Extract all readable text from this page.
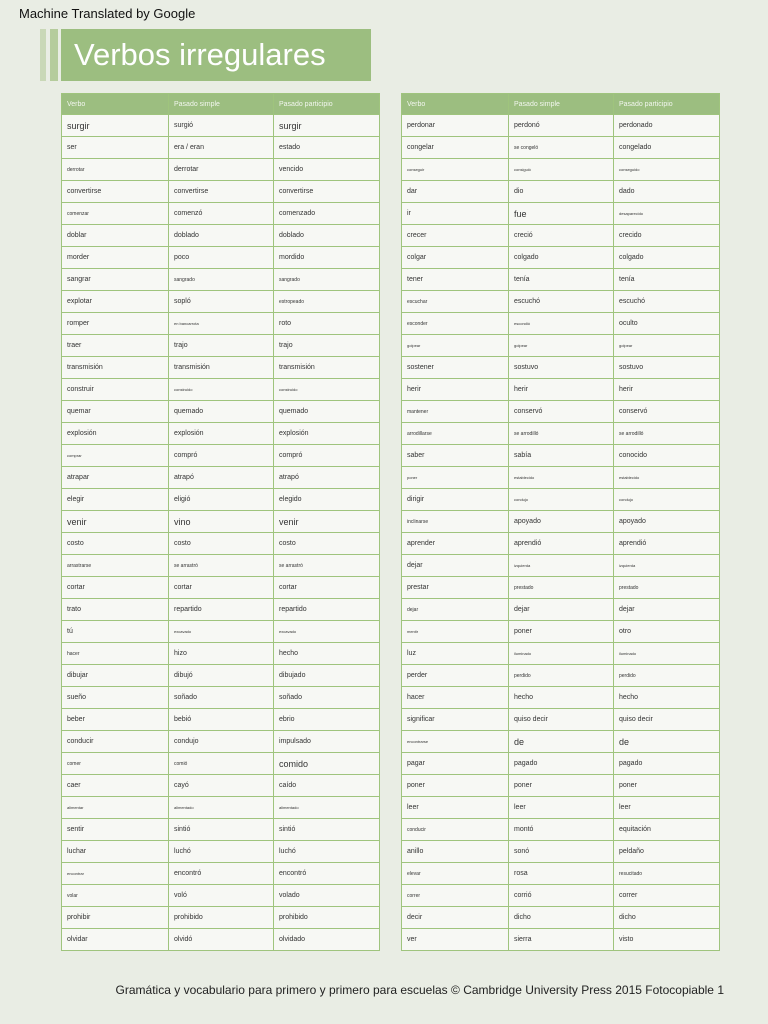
Machine Translated by Google
Verbos irregulares
Verbo	Pasado simple	Pasado participio
surgir	surgió	surgir
ser	era / eran	estado
derrotar	derrotar	vencido
convertirse	convertirse	convertirse
comenzar	comenzó	comenzado
doblar	doblado	doblado
morder	poco	mordido
sangrar	sangrado	sangrado
explotar	sopló	estropeado
romper	en bancarrota	roto
traer	trajo	trajo
transmisión	transmisión	transmisión
construir	construido	construido
quemar	quemado	quemado
explosión	explosión	explosión
comprar	compró	compró
atrapar	atrapó	atrapó
elegir	eligió	elegido
venir	vino	venir
costo	costo	costo
arrastrarse	se arrastró	se arrastró
cortar	cortar	cortar
trato	repartido	repartido
tú	excavado	excavado
hacer	hizo	hecho
dibujar	dibujó	dibujado
sueño	soñado	soñado
beber	bebió	ebrio
conducir	condujo	impulsado
comer	comió	comido
caer	cayó	caído
alimentar	alimentado	alimentado
sentir	sintió	sintió
luchar	luchó	luchó
encontrar	encontró	encontró
volar	voló	volado
prohibir	prohibido	prohibido
olvidar	olvidó	olvidado
Verbo	Pasado simple	Pasado participio
perdonar	perdonó	perdonado
congelar	se congeló	congelado
conseguir	consiguió	conseguido
dar	dio	dado
ir	fue	desaparecido
crecer	creció	crecido
colgar	colgado	colgado
tener	tenía	tenía
escuchar	escuchó	escuchó
esconder	escondió	oculto
golpear	golpear	golpear
sostener	sostuvo	sostuvo
herir	herir	herir
mantener	conservó	conservó
arrodillarse	se arrodilló	se arrodilló
saber	sabía	conocido
poner	establecido	establecido
dirigir	condujo	condujo
inclinarse	apoyado	apoyado
aprender	aprendió	aprendió
dejar	izquierda	izquierda
prestar	prestado	prestado
dejar	dejar	dejar
mentir	poner	otro
luz	iluminado	iluminado
perder	perdido	perdido
hacer	hecho	hecho
significar	quiso decir	quiso decir
encontrarse	de	de
pagar	pagado	pagado
poner	poner	poner
leer	leer	leer
conducir	montó	equitación
anillo	sonó	peldaño
elevar	rosa	resucitado
correr	corrió	correr
decir	dicho	dicho
ver	sierra	visto
Gramática y vocabulario para primero y primero para escuelas © Cambridge University Press 2015 Fotocopiable 1
